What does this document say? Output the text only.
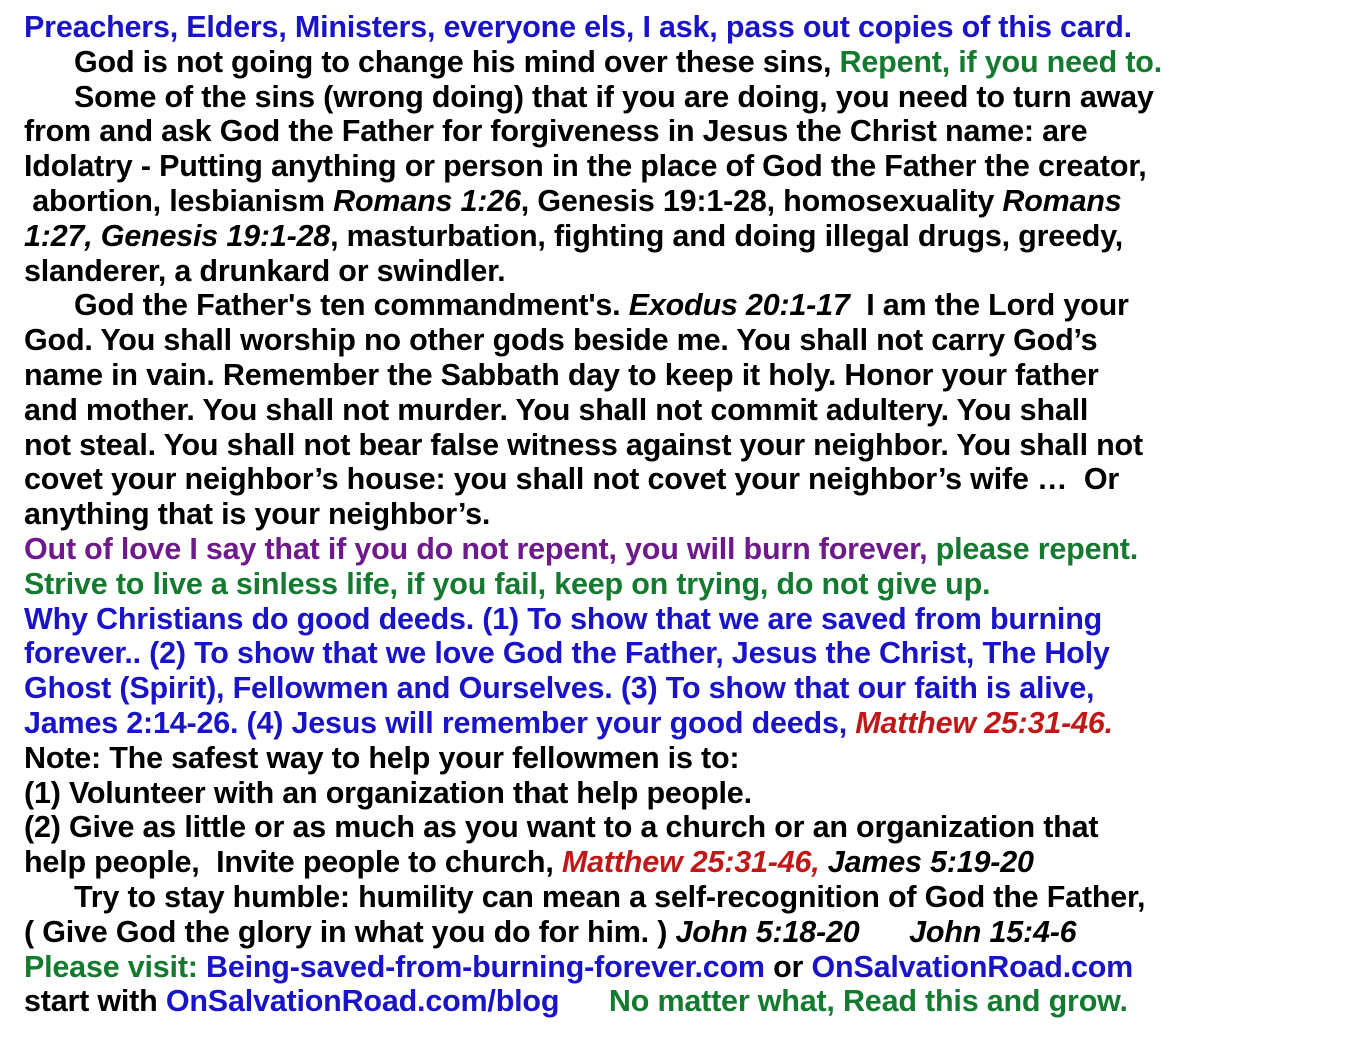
Preachers, Elders, Ministers, everyone els, I ask, pass out copies of this card.
God is not going to change his mind over these sins, Repent, if you need to.
Some of the sins (wrong doing) that if you are doing, you need to turn away
from and ask God the Father for forgiveness in Jesus the Christ name: are
Idolatry - Putting anything or person in the place of God the Father the creator,
abortion, lesbianism Romans 1:26, Genesis 19:1-28, homosexuality Romans
1:27, Genesis 19:1-28, masturbation, fighting and doing illegal drugs, greedy,
slanderer, a drunkard or swindler.
God the Father's ten commandment's. Exodus 20:1-17  I am the Lord your
God. You shall worship no other gods beside me. You shall not carry God’s
name in vain. Remember the Sabbath day to keep it holy. Honor your father
and mother. You shall not murder. You shall not commit adultery. You shall
not steal. You shall not bear false witness against your neighbor. You shall not
covet your neighbor’s house: you shall not covet your neighbor’s wife …  Or
anything that is your neighbor’s.
Out of love I say that if you do not repent, you will burn forever, please repent.
Strive to live a sinless life, if you fail, keep on trying, do not give up.
Why Christians do good deeds. (1) To show that we are saved from burning
forever.. (2) To show that we love God the Father, Jesus the Christ, The Holy
Ghost (Spirit), Fellowmen and Ourselves. (3) To show that our faith is alive,
James 2:14-26. (4) Jesus will remember your good deeds, Matthew 25:31-46.
Note: The safest way to help your fellowmen is to:
(1) Volunteer with an organization that help people.
(2) Give as little or as much as you want to a church or an organization that
help people,  Invite people to church, Matthew 25:31-46, James 5:19-20
Try to stay humble: humility can mean a self-recognition of God the Father,
( Give God the glory in what you do for him. ) John 5:18-20      John 15:4-6
Please visit: Being-saved-from-burning-forever.com or OnSalvationRoad.com
start with OnSalvationRoad.com/blog      No matter what, Read this and grow.
